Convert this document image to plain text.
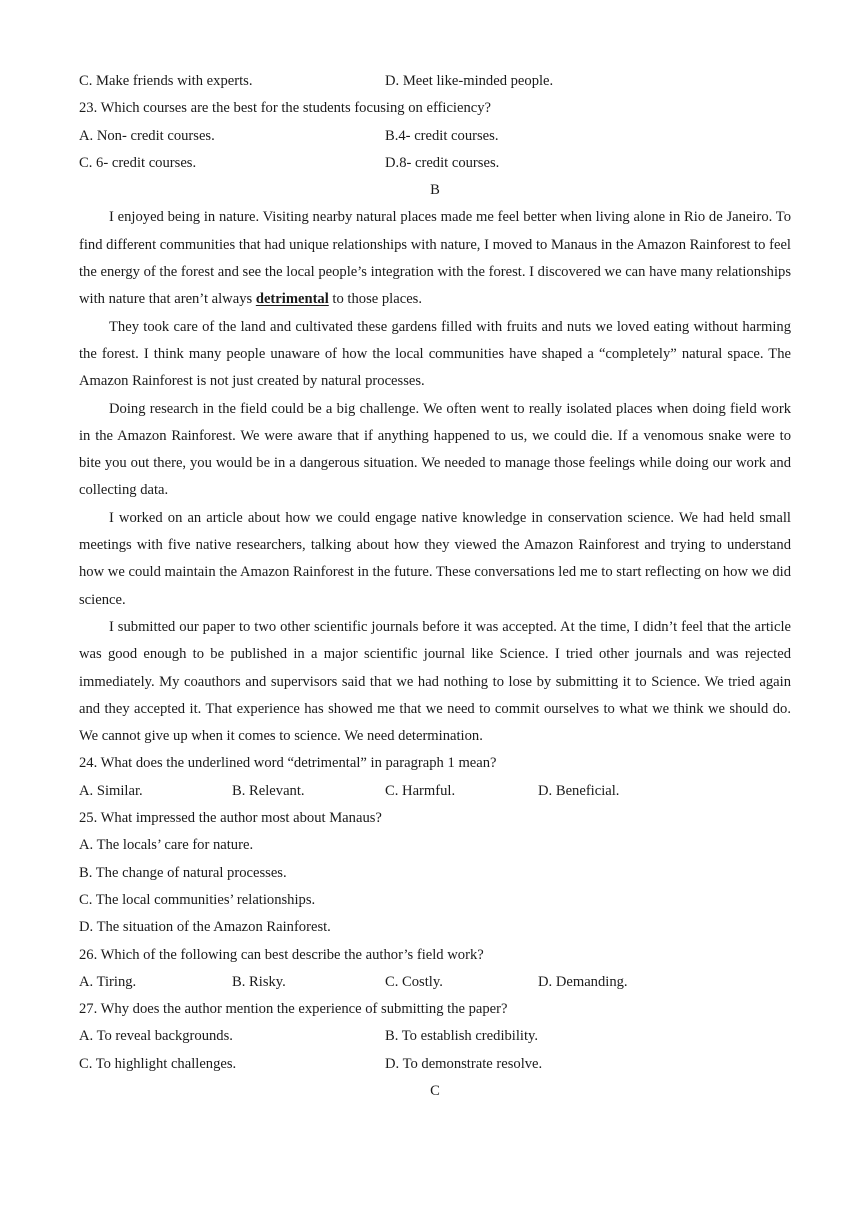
C. Make friends with experts.	D. Meet like-minded people.
23. Which courses are the best for the students focusing on efficiency?
A. Non- credit courses.	B.4- credit courses.
C. 6- credit courses.	D.8- credit courses.
B

I enjoyed being in nature. Visiting nearby natural places made me feel better when living alone in Rio de Janeiro. To find different communities that had unique relationships with nature, I moved to Manaus in the Amazon Rainforest to feel the energy of the forest and see the local people’s integration with the forest. I discovered we can have many relationships with nature that aren’t always detrimental to those places.

They took care of the land and cultivated these gardens filled with fruits and nuts we loved eating without harming the forest. I think many people unaware of how the local communities have shaped a “completely” natural space. The Amazon Rainforest is not just created by natural processes.

Doing research in the field could be a big challenge. We often went to really isolated places when doing field work in the Amazon Rainforest. We were aware that if anything happened to us, we could die. If a venomous snake were to bite you out there, you would be in a dangerous situation. We needed to manage those feelings while doing our work and collecting data.

I worked on an article about how we could engage native knowledge in conservation science. We had held small meetings with five native researchers, talking about how they viewed the Amazon Rainforest and trying to understand how we could maintain the Amazon Rainforest in the future. These conversations led me to start reflecting on how we did science.

I submitted our paper to two other scientific journals before it was accepted. At the time, I didn’t feel that the article was good enough to be published in a major scientific journal like Science. I tried other journals and was rejected immediately. My coauthors and supervisors said that we had nothing to lose by submitting it to Science. We tried again and they accepted it. That experience has showed me that we need to commit ourselves to what we think we should do. We cannot give up when it comes to science. We need determination.

24. What does the underlined word “detrimental” in paragraph 1 mean?
A. Similar.	B. Relevant.	C. Harmful.	D. Beneficial.
25. What impressed the author most about Manaus?
A. The locals’ care for nature.
B. The change of natural processes.
C. The local communities’ relationships.
D. The situation of the Amazon Rainforest.
26. Which of the following can best describe the author’s field work?
A. Tiring.	B. Risky.	C. Costly.	D. Demanding.
27. Why does the author mention the experience of submitting the paper?
A. To reveal backgrounds.	B. To establish credibility.
C. To highlight challenges.	D. To demonstrate resolve.
C
